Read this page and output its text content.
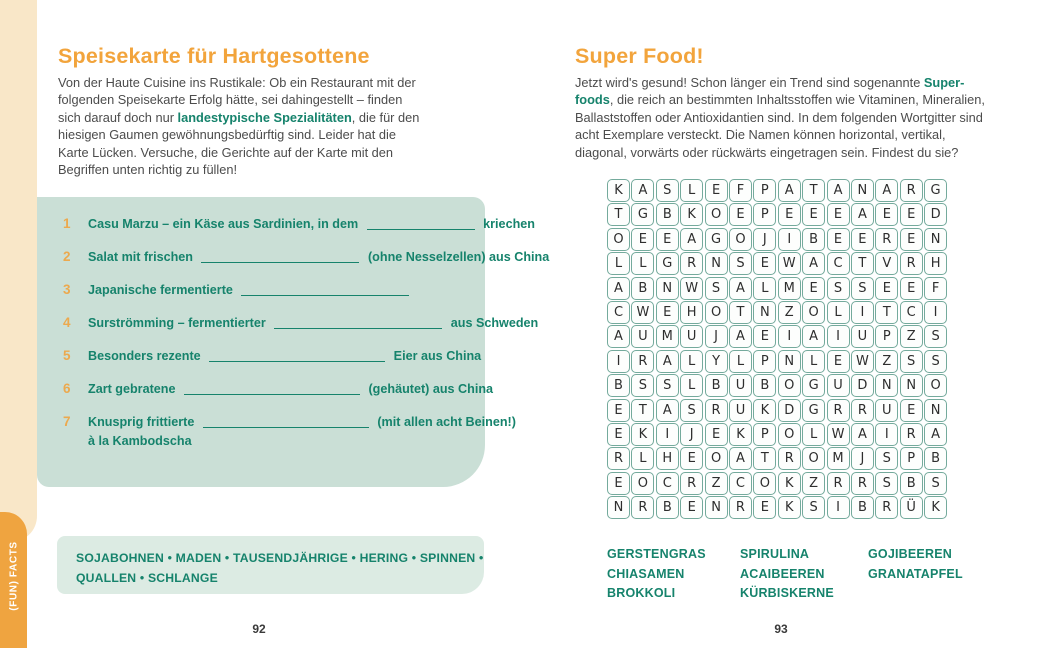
(FUN) FACTS
Speisekarte für Hartgesottene

Von der Haute Cuisine ins Rustikale: Ob ein Restaurant mit der folgenden Speisekarte Erfolg hätte, sei dahingestellt – finden sich darauf doch nur landestypische Spezialitäten, die für den hiesigen Gaumen gewöhnungsbedürftig sind. Leider hat die Karte Lücken. Versuche, die Gerichte auf der Karte mit den Begriffen unten richtig zu füllen!

1	Casu Marzu – ein Käse aus Sardinien, in dem	kriechen
2	Salat mit frischen	(ohne Nesselzellen) aus China
3	Japanische fermentierte
4	Surströmming – fermentierter	aus Schweden
5	Besonders rezente	Eier aus China
6	Zart gebratene	(gehäutet) aus China
7	Knusprig frittierte	(mit allen acht Beinen!)
à la Kambodscha
SOJABOHNEN • MADEN • TAUSENDJÄHRIGE • HERING • SPINNEN •
QUALLEN • SCHLANGE
92
Super Food!

Jetzt wird's gesund! Schon länger ein Trend sind sogenannte Super-foods, die reich an bestimmten Inhaltsstoffen wie Vitaminen, Mineralien, Ballaststoffen oder Antioxidantien sind. In dem folgenden Wortgitter sind acht Exemplare versteckt. Die Namen können horizontal, vertikal, diagonal, vorwärts oder rückwärts eingetragen sein. Findest du sie?

K	A	S	L	E	F	P	A	T	A	N	A	R	G
T	G	B	K	O	E	P	E	E	E	A	E	E	D
O	E	E	A	G	O	J	I	B	E	E	R	E	N
L	L	G	R	N	S	E	W	A	C	T	V	R	H
A	B	N	W	S	A	L	M	E	S	S	E	E	F
C	W	E	H	O	T	N	Z	O	L	I	T	C	I
A	U	M	U	J	A	E	I	A	I	U	P	Z	S
I	R	A	L	Y	L	P	N	L	E	W	Z	S	S
B	S	S	L	B	U	B	O	G	U	D	N	N	O
E	T	A	S	R	U	K	D	G	R	R	U	E	N
E	K	I	J	E	K	P	O	L	W	A	I	R	A
R	L	H	E	O	A	T	R	O	M	J	S	P	B
E	O	C	R	Z	C	O	K	Z	R	R	S	B	S
N	R	B	E	N	R	E	K	S	I	B	R	Ü	K
GERSTENGRAS
CHIASAMEN
BROKKOLI
SPIRULINA
ACAIBEEREN
KÜRBISKERNE
GOJIBEEREN
GRANATAPFEL
93
